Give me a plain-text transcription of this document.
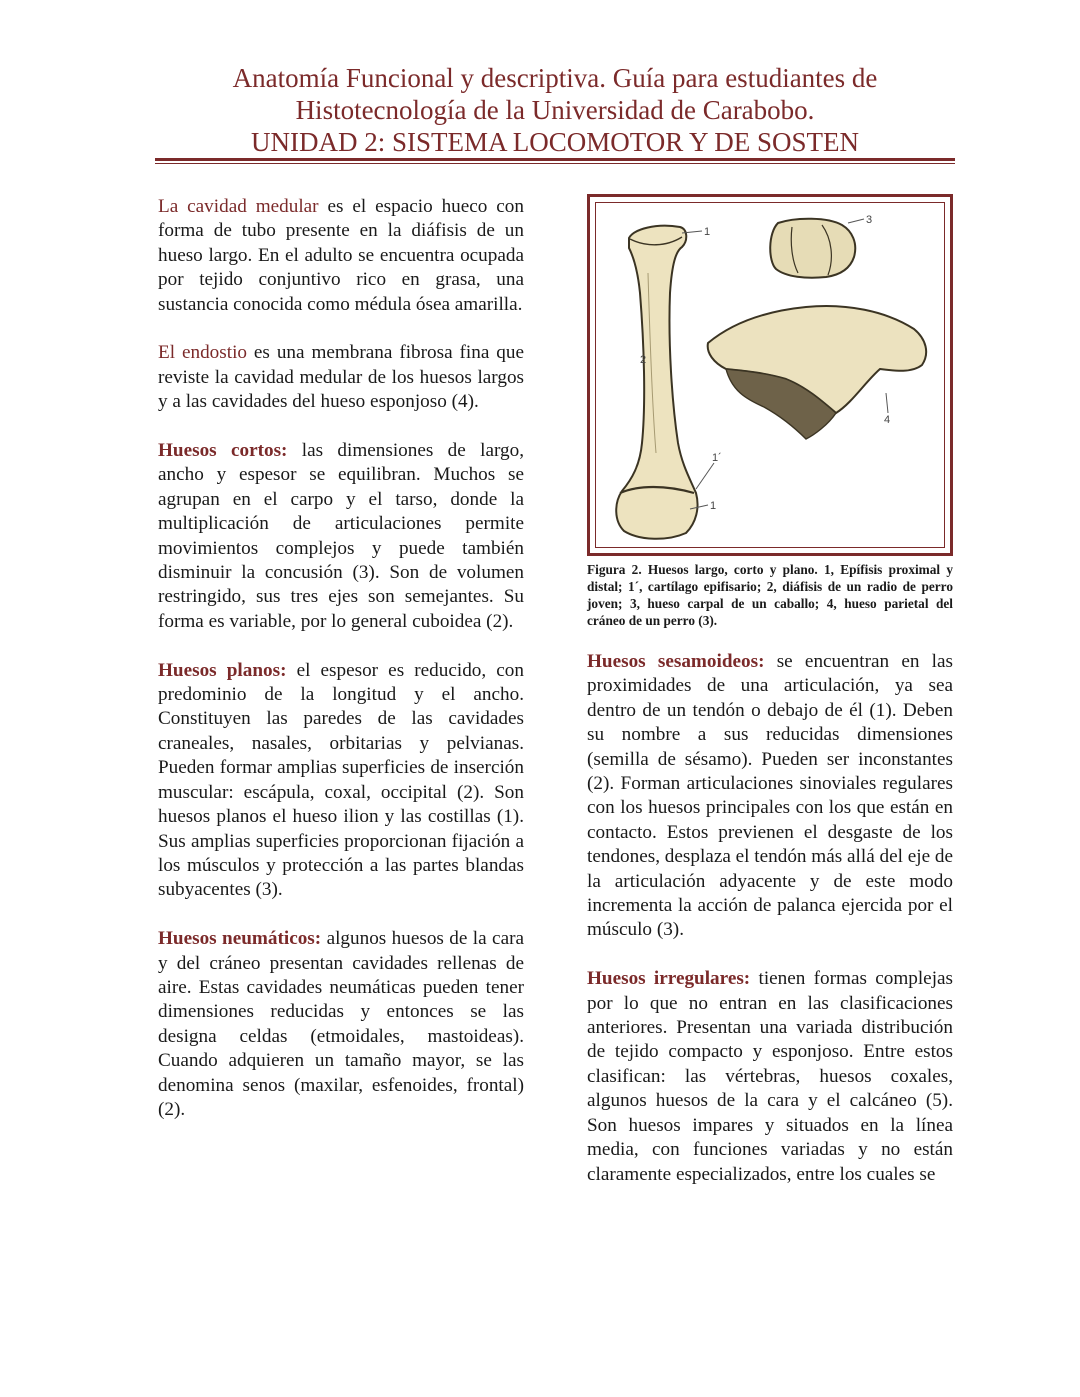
Anatomía Funcional y descriptiva. Guía para estudiantes de
Histotecnología de la Universidad de Carabobo.
UNIDAD 2: SISTEMA LOCOMOTOR Y DE SOSTEN

La cavidad medular es el espacio hueco con forma de tubo presente en la diáfisis de un hueso largo. En el adulto se encuentra ocupada por tejido conjuntivo rico en grasa, una sustancia conocida como médula ósea amarilla.

El endostio es una membrana fibrosa fina que reviste la cavidad medular de los huesos largos y a las cavidades del hueso esponjoso (4).

Huesos cortos: las dimensiones de largo, ancho y espesor se equilibran. Muchos se agrupan en el carpo y el tarso, donde la multiplicación de articulaciones permite movimientos complejos y puede también disminuir la concusión (3). Son de volumen restringido, sus tres ejes son semejantes. Su forma es variable, por lo general cuboidea (2).

Huesos planos: el espesor es reducido, con predominio de la longitud y el ancho. Constituyen las paredes de las cavidades craneales, nasales, orbitarias y pelvianas. Pueden formar amplias superficies de inserción muscular: escápula, coxal, occipital (2). Son huesos planos el hueso ilion y las costillas (1). Sus amplias superficies proporcionan fijación a los músculos y protección a las partes blandas subyacentes (3).

Huesos neumáticos: algunos huesos de la cara y del cráneo presentan cavidades rellenas de aire. Estas cavidades neumáticas pueden tener dimensiones reducidas y entonces se las designa celdas (etmoidales, mastoideas). Cuando adquieren un tamaño mayor, se las denomina senos (maxilar, esfenoides, frontal) (2).

1
3
2
4
1´
1
Figura 2. Huesos largo, corto y plano. 1, Epífisis proximal y distal; 1´, cartílago epifisario; 2, diáfisis de un radio de perro joven; 3, hueso carpal de un caballo; 4, hueso parietal del cráneo de un perro (3).

Huesos sesamoideos: se encuentran en las proximidades de una articulación, ya sea dentro de un tendón o debajo de él (1). Deben su nombre a sus reducidas dimensiones (semilla de sésamo). Pueden ser inconstantes (2). Forman articulaciones sinoviales regulares con los huesos principales con los que están en contacto. Estos previenen el desgaste de los tendones, desplaza el tendón más allá del eje de la articulación adyacente y de este modo incrementa la acción de palanca ejercida por el músculo (3).

Huesos irregulares: tienen formas complejas por lo que no entran en las clasificaciones anteriores. Presentan una variada distribución de tejido compacto y esponjoso. Entre estos clasifican: las vértebras, huesos coxales, algunos huesos de la cara y el calcáneo (5). Son huesos impares y situados en la línea media, con funciones variadas y no están claramente especializados, entre los cuales se
